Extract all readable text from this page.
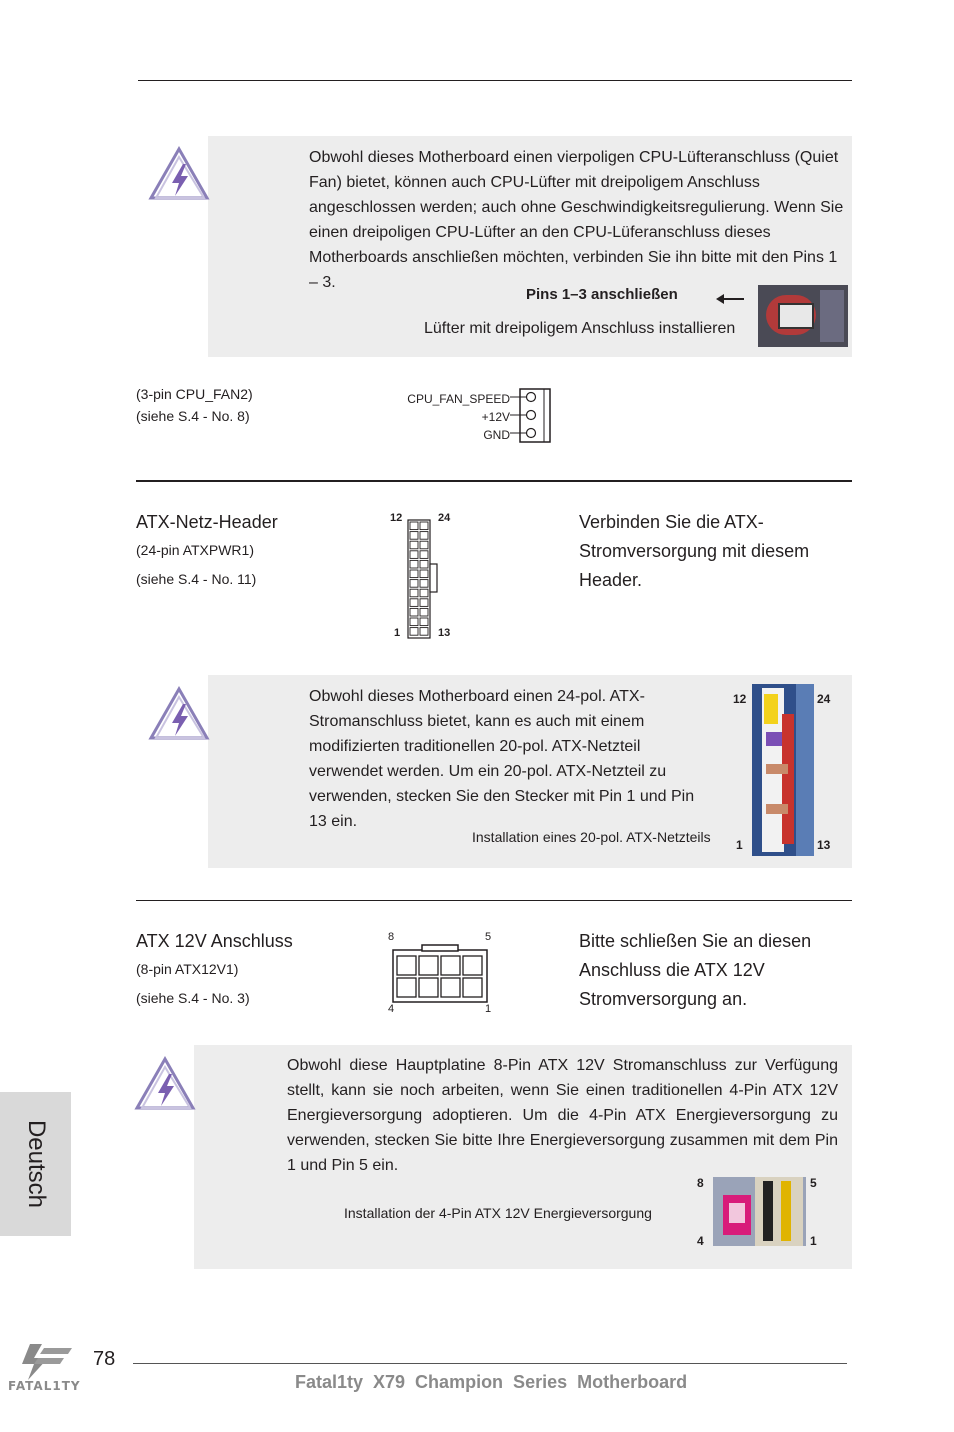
Obwohl dieses Motherboard einen vierpoligen CPU-Lüfteranschluss (Quiet Fan) bietet, können auch CPU-Lüfter mit dreipoligem Anschluss angeschlossen werden; auch ohne Geschwindigkeitsregulierung. Wenn Sie einen dreipoligen CPU-Lüfter an den CPU-Lüferanschluss dieses Motherboards anschließen möchten, verbinden Sie ihn bitte mit den Pins 1 – 3.
Pins 1–3 anschließen
Lüfter mit dreipoligem Anschluss installieren
(3-pin CPU_FAN2)
(siehe S.4 - No. 8)
CPU_FAN_SPEED
+12V
GND
ATX-Netz-Header
(24-pin ATXPWR1)
(siehe S.4 - No. 11)
12	24
1	13
Verbinden Sie die ATX-Stromversorgung mit diesem Header.
Obwohl dieses Motherboard einen 24-pol. ATX-Stromanschluss bietet, kann es auch mit einem modifizierten traditionellen 20-pol. ATX-Netzteil verwendet werden. Um ein 20-pol. ATX-Netzteil zu verwenden, stecken Sie den Stecker mit Pin 1 und Pin 13 ein.
Installation eines 20-pol. ATX-Netzteils
12	24
1	13
ATX 12V Anschluss
(8-pin ATX12V1)
(siehe S.4 - No. 3)
8	5
4	1
Bitte schließen Sie an diesen Anschluss die ATX 12V Stromversorgung an.
Obwohl diese Hauptplatine 8-Pin ATX 12V Stromanschluss zur Verfügung stellt, kann sie noch arbeiten, wenn Sie einen traditionellen 4-Pin ATX 12V Energieversorgung adoptieren. Um die 4-Pin ATX Energieversorgung zu verwenden, stecken Sie bitte Ihre Energieversorgung zusammen mit dem Pin 1 und Pin 5 ein.
Installation der 4-Pin ATX 12V Energieversorgung
8	5
4	1
Deutsch
FATAL1TY
78
Fatal1ty  X79  Champion  Series  Motherboard
